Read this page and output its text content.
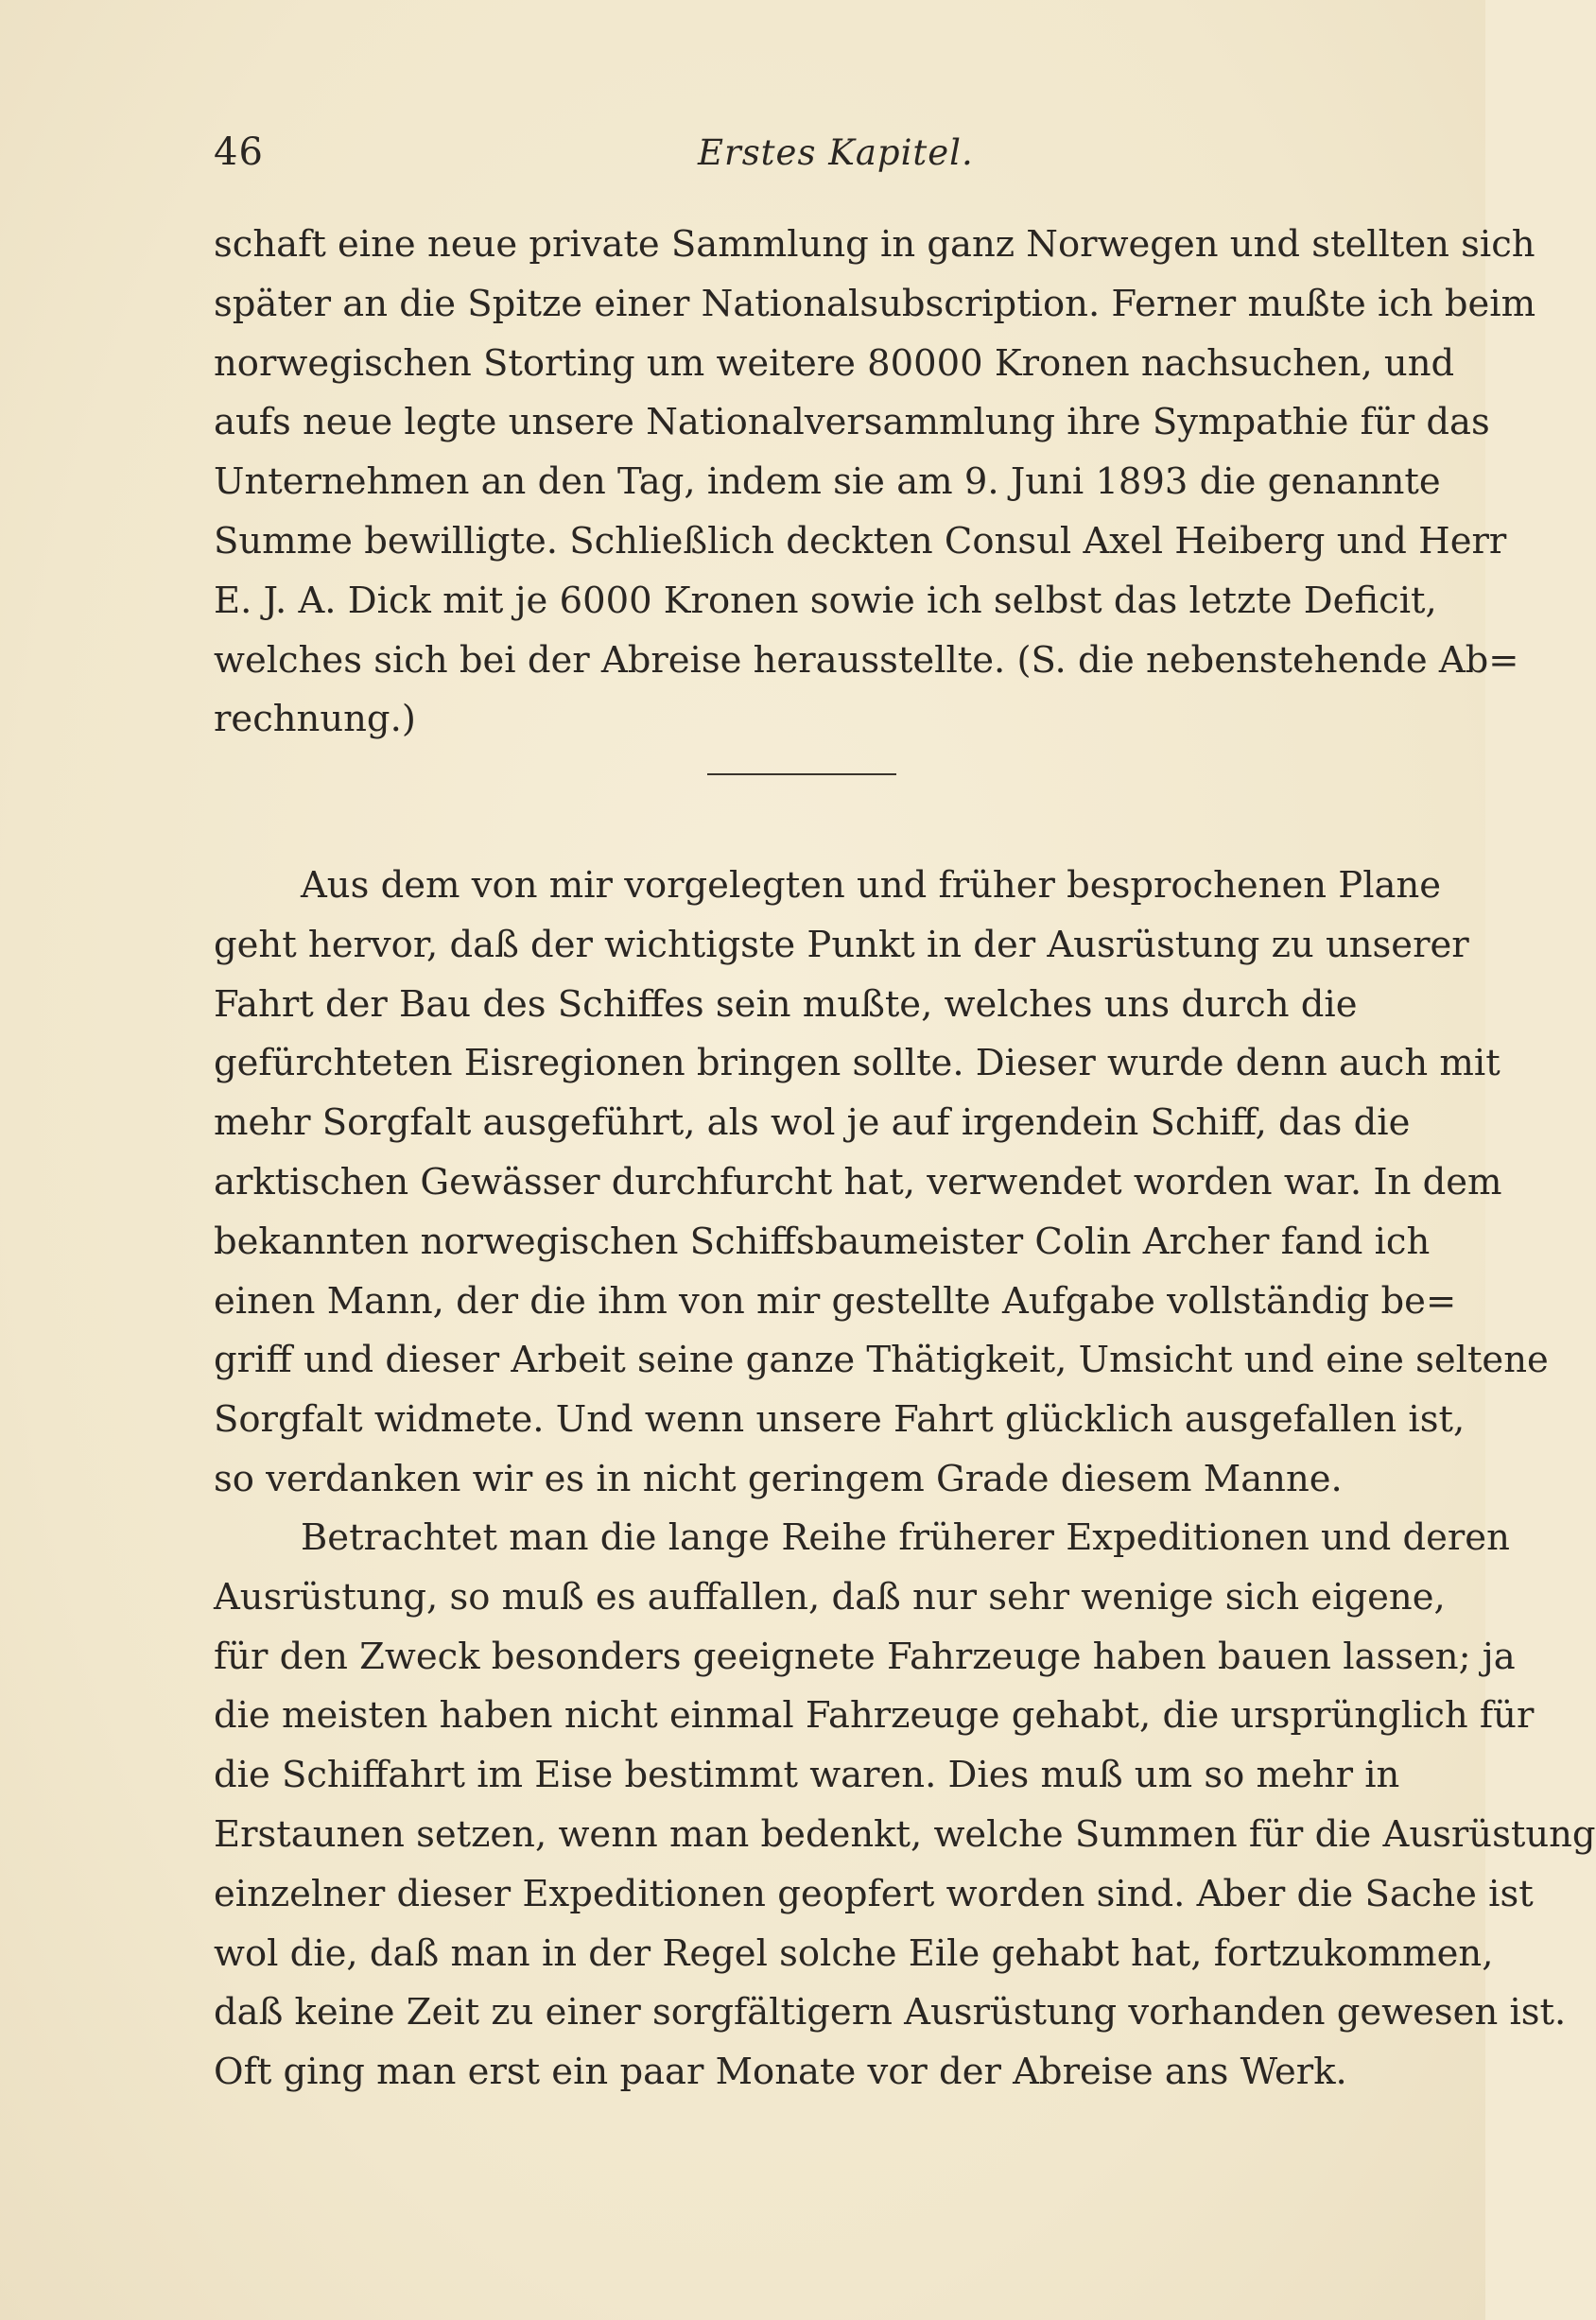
46	Erstes Kapitel.
schaft eine neue private Sammlung in ganz Norwegen und stellten sich
später an die Spitze einer Nationalsubscription. Ferner mußte ich beim
norwegischen Storting um weitere 80000 Kronen nachsuchen, und
aufs neue legte unsere Nationalversammlung ihre Sympathie für das
Unternehmen an den Tag, indem sie am 9. Juni 1893 die genannte
Summe bewilligte. Schließlich deckten Consul Axel Heiberg und Herr
E. J. A. Dick mit je 6000 Kronen sowie ich selbst das letzte Deficit,
welches sich bei der Abreise herausstellte. (S. die nebenstehende Ab=
rechnung.)
Aus dem von mir vorgelegten und früher besprochenen Plane
geht hervor, daß der wichtigste Punkt in der Ausrüstung zu unserer
Fahrt der Bau des Schiffes sein mußte, welches uns durch die
gefürchteten Eisregionen bringen sollte. Dieser wurde denn auch mit
mehr Sorgfalt ausgeführt, als wol je auf irgendein Schiff, das die
arktischen Gewässer durchfurcht hat, verwendet worden war. In dem
bekannten norwegischen Schiffsbaumeister Colin Archer fand ich
einen Mann, der die ihm von mir gestellte Aufgabe vollständig be=
griff und dieser Arbeit seine ganze Thätigkeit, Umsicht und eine seltene
Sorgfalt widmete. Und wenn unsere Fahrt glücklich ausgefallen ist,
so verdanken wir es in nicht geringem Grade diesem Manne.
Betrachtet man die lange Reihe früherer Expeditionen und deren
Ausrüstung, so muß es auffallen, daß nur sehr wenige sich eigene,
für den Zweck besonders geeignete Fahrzeuge haben bauen lassen; ja
die meisten haben nicht einmal Fahrzeuge gehabt, die ursprünglich für
die Schiffahrt im Eise bestimmt waren. Dies muß um so mehr in
Erstaunen setzen, wenn man bedenkt, welche Summen für die Ausrüstung
einzelner dieser Expeditionen geopfert worden sind. Aber die Sache ist
wol die, daß man in der Regel solche Eile gehabt hat, fortzukommen,
daß keine Zeit zu einer sorgfältigern Ausrüstung vorhanden gewesen ist.
Oft ging man erst ein paar Monate vor der Abreise ans Werk.
